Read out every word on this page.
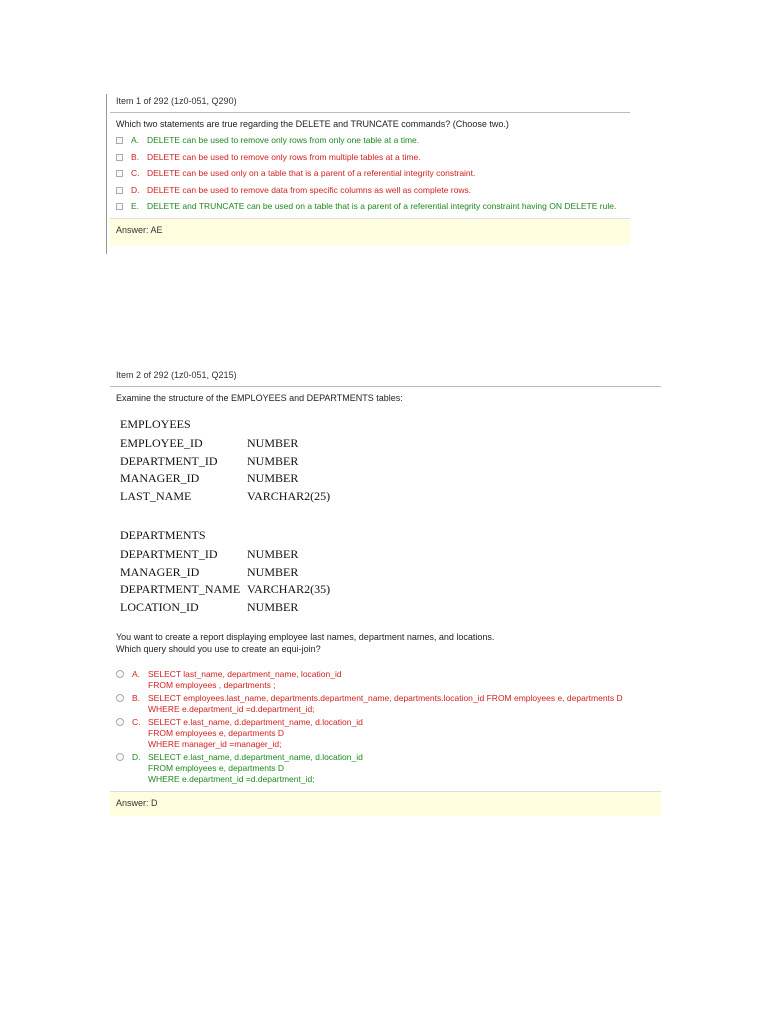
Item 1 of 292 (1z0-051, Q290)
Which two statements are true regarding the DELETE and TRUNCATE commands? (Choose two.)
A. DELETE can be used to remove only rows from only one table at a time.
B. DELETE can be used to remove only rows from multiple tables at a time.
C. DELETE can be used only on a table that is a parent of a referential integrity constraint.
D. DELETE can be used to remove data from specific columns as well as complete rows.
E. DELETE and TRUNCATE can be used on a table that is a parent of a referential integrity constraint having ON DELETE rule.
Answer: AE
Item 2 of 292 (1z0-051, Q215)
Examine the structure of the EMPLOYEES and DEPARTMENTS tables:
EMPLOYEES
EMPLOYEE_ID	NUMBER
DEPARTMENT_ID	NUMBER
MANAGER_ID	NUMBER
LAST_NAME	VARCHAR2(25)
DEPARTMENTS
DEPARTMENT_ID	NUMBER
MANAGER_ID	NUMBER
DEPARTMENT_NAME VARCHAR2(35)
LOCATION_ID	NUMBER
You want to create a report displaying employee last names, department names, and locations.
Which query should you use to create an equi-join?
A. SELECT last_name, department_name, location_id
FROM employees , departments ;
B. SELECT employees.last_name, departments.department_name, departments.location_id FROM employees e, departments D
WHERE e.department_id =d.department_id;
C. SELECT e.last_name, d.department_name, d.location_id
FROM employees e, departments D
WHERE manager_id =manager_id;
D. SELECT e.last_name, d.department_name, d.location_id
FROM employees e, departments D
WHERE e.department_id =d.department_id;
Answer: D
